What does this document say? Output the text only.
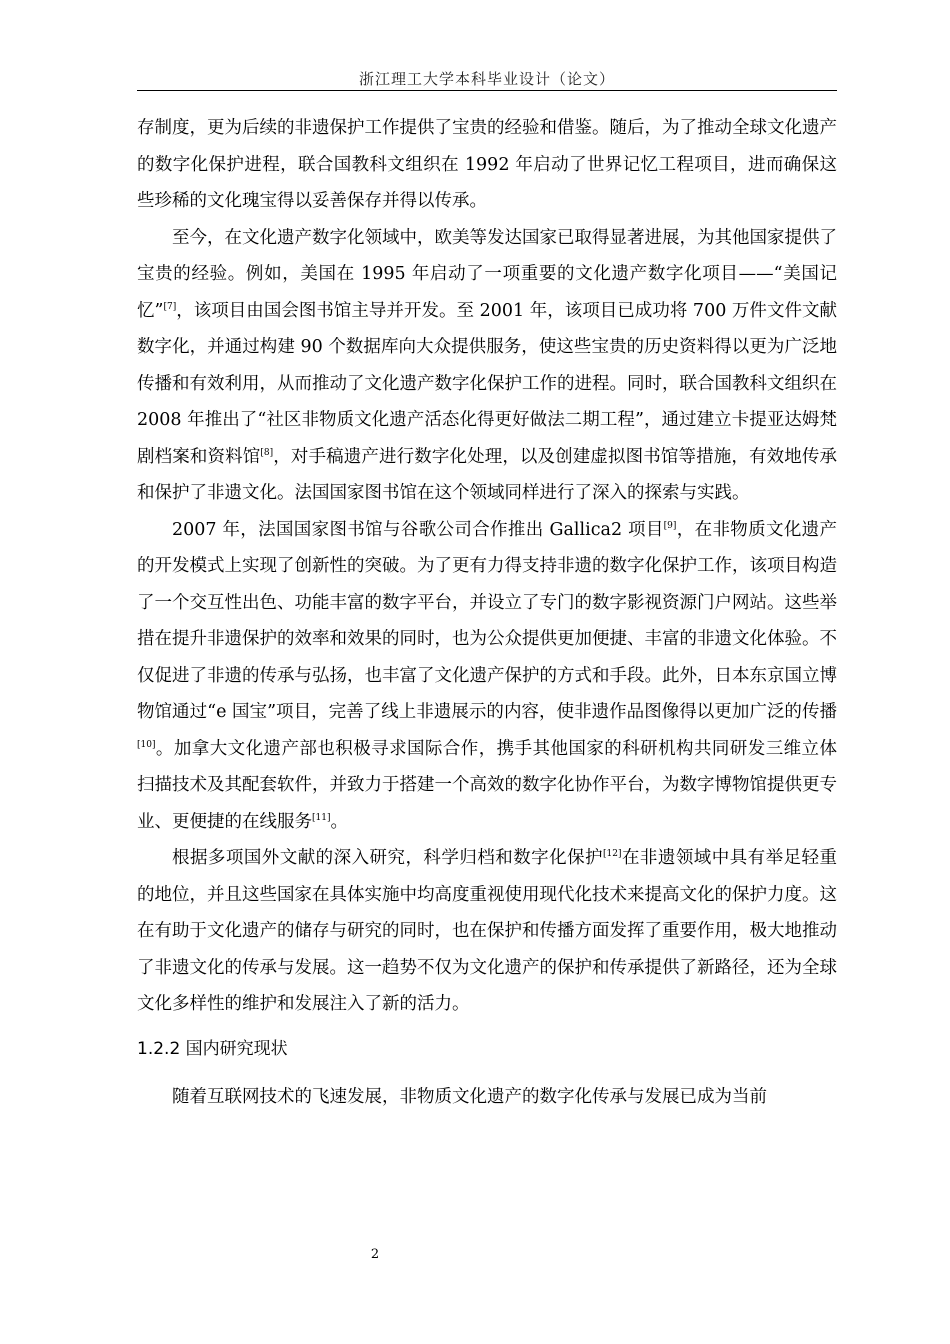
浙江理工大学本科毕业设计（论文）

存制度，更为后续的非遗保护工作提供了宝贵的经验和借鉴。随后，为了推动全球文化遗产的数字化保护进程，联合国教科文组织在 1992 年启动了世界记忆工程项目，进而确保这些珍稀的文化瑰宝得以妥善保存并得以传承。

至今，在文化遗产数字化领域中，欧美等发达国家已取得显著进展，为其他国家提供了宝贵的经验。例如，美国在 1995 年启动了一项重要的文化遗产数字化项目——“美国记忆”[7]，该项目由国会图书馆主导并开发。至 2001 年，该项目已成功将 700 万件文件文献数字化，并通过构建 90 个数据库向大众提供服务，使这些宝贵的历史资料得以更为广泛地传播和有效利用，从而推动了文化遗产数字化保护工作的进程。同时，联合国教科文组织在 2008 年推出了“社区非物质文化遗产活态化得更好做法二期工程”，通过建立卡提亚达姆梵剧档案和资料馆[8]，对手稿遗产进行数字化处理，以及创建虚拟图书馆等措施，有效地传承和保护了非遗文化。法国国家图书馆在这个领域同样进行了深入的探索与实践。

2007 年，法国国家图书馆与谷歌公司合作推出 Gallica2 项目[9]，在非物质文化遗产的开发模式上实现了创新性的突破。为了更有力得支持非遗的数字化保护工作，该项目构造了一个交互性出色、功能丰富的数字平台，并设立了专门的数字影视资源门户网站。这些举措在提升非遗保护的效率和效果的同时，也为公众提供更加便捷、丰富的非遗文化体验。不仅促进了非遗的传承与弘扬，也丰富了文化遗产保护的方式和手段。此外，日本东京国立博物馆通过“e 国宝”项目，完善了线上非遗展示的内容，使非遗作品图像得以更加广泛的传播[10]。加拿大文化遗产部也积极寻求国际合作，携手其他国家的科研机构共同研发三维立体扫描技术及其配套软件，并致力于搭建一个高效的数字化协作平台，为数字博物馆提供更专业、更便捷的在线服务[11]。

根据多项国外文献的深入研究，科学归档和数字化保护[12]在非遗领域中具有举足轻重的地位，并且这些国家在具体实施中均高度重视使用现代化技术来提高文化的保护力度。这在有助于文化遗产的储存与研究的同时，也在保护和传播方面发挥了重要作用，极大地推动了非遗文化的传承与发展。这一趋势不仅为文化遗产的保护和传承提供了新路径，还为全球文化多样性的维护和发展注入了新的活力。

1.2.2 国内研究现状

随着互联网技术的飞速发展，非物质文化遗产的数字化传承与发展已成为当前

2
